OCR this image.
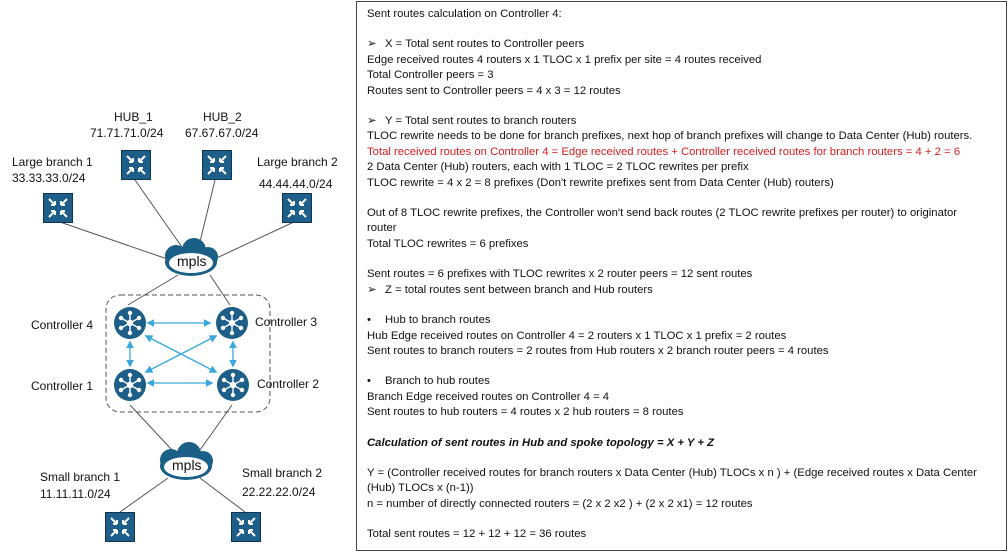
HUB_1
71.71.71.0/24
HUB_2
67.67.67.0/24
Large branch 1
33.33.33.0/24
Large branch 2
44.44.44.0/24
mpls
mpls
Controller 4	Controller 3
Controller 1	Controller 2
Small branch 1
11.11.11.0/24
Small branch 2
22.22.22.0/24
Sent routes calculation on Controller 4:
➢ X = Total sent routes to Controller peers
Edge received routes 4 routers x 1 TLOC x 1 prefix per site = 4 routes received
Total Controller peers = 3
Routes sent to Controller peers = 4 x 3 = 12 routes
➢ Y = Total sent routes to branch routers
TLOC rewrite needs to be done for branch prefixes, next hop of branch prefixes will change to Data Center (Hub) routers.
Total received routes on Controller 4 = Edge received routes + Controller received routes for branch routers = 4 + 2 = 6
2 Data Center (Hub) routers, each with 1 TLOC = 2 TLOC rewrites per prefix
TLOC rewrite = 4 x 2 = 8 prefixes (Don't rewrite prefixes sent from Data Center (Hub) routers)
Out of 8 TLOC rewrite prefixes, the Controller won't send back routes (2 TLOC rewrite prefixes per router) to originator router
Total TLOC rewrites = 6 prefixes
Sent routes = 6 prefixes with TLOC rewrites x 2 router peers = 12 sent routes
➢ Z = total routes sent between branch and Hub routers
• Hub to branch routes
Hub Edge received routes on Controller 4 = 2 routers x 1 TLOC x 1 prefix = 2 routes
Sent routes to branch routers = 2 routes from Hub routers x 2 branch router peers = 4 routes
• Branch to hub routes
Branch Edge received routes on Controller 4 = 4
Sent routes to hub routers = 4 routes x 2 hub routers = 8 routes
Calculation of sent routes in Hub and spoke topology = X + Y + Z
Y = (Controller received routes for branch routers x Data Center (Hub) TLOCs x n ) + (Edge received routes x Data Center (Hub) TLOCs x (n-1))
n = number of directly connected routers = (2 x 2 x2 ) + (2 x 2 x1) = 12 routes
Total sent routes = 12 + 12 + 12 = 36 routes
